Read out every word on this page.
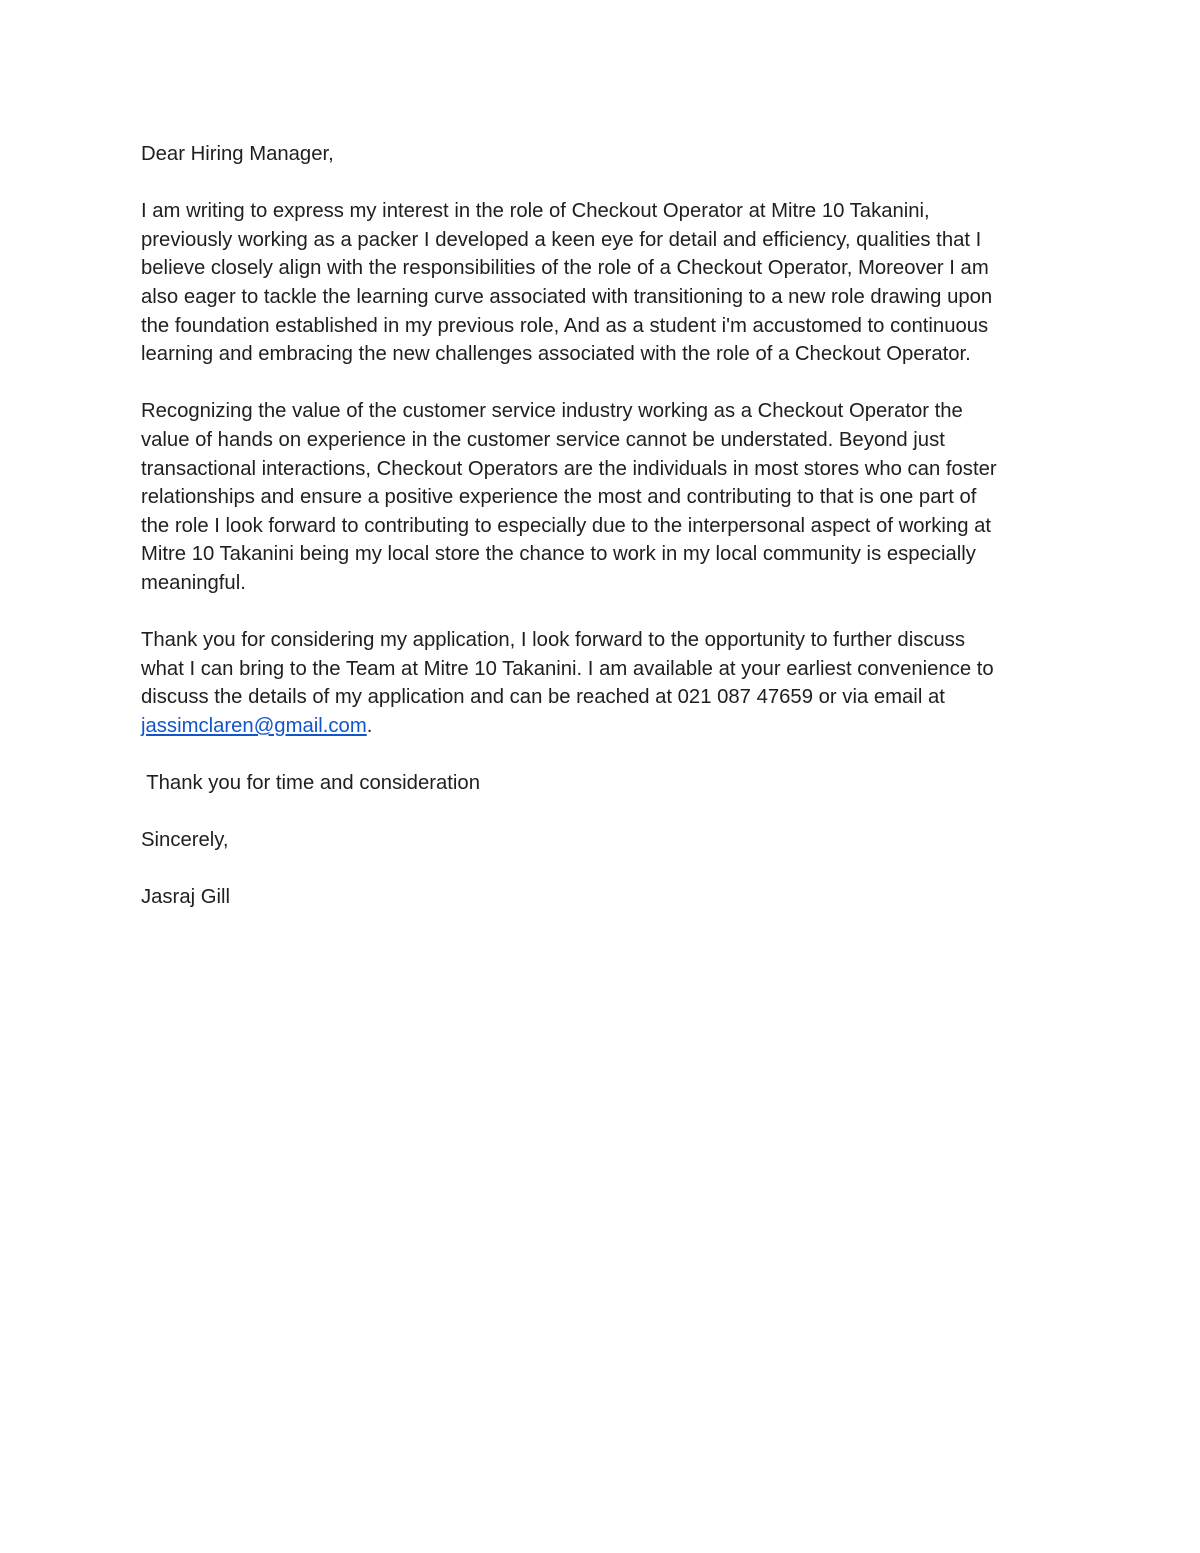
Dear Hiring Manager,
I am writing to express my interest in the role of Checkout Operator at Mitre 10 Takanini,
previously working as a packer I developed a keen eye for detail and efficiency, qualities that I
believe closely align with the responsibilities of the role of a Checkout Operator, Moreover I am
also eager to tackle the learning curve associated with transitioning to a new role drawing upon
the foundation established in my previous role, And as a student i'm accustomed to continuous
learning and embracing the new challenges associated with the role of a Checkout Operator.
Recognizing the value of the customer service industry working as a Checkout Operator the
value of hands on experience in the customer service cannot be understated. Beyond just
transactional interactions, Checkout Operators are the individuals in most stores who can foster
relationships and ensure a positive experience the most and contributing to that is one part of
the role I look forward to contributing to especially due to the interpersonal aspect of working at
Mitre 10 Takanini being my local store the chance to work in my local community is especially
meaningful.
Thank you for considering my application, I look forward to the opportunity to further discuss
what I can bring to the Team at Mitre 10 Takanini. I am available at your earliest convenience to
discuss the details of my application and can be reached at 021 087 47659 or via email at
jassimclaren@gmail.com.
Thank you for time and consideration
Sincerely,
Jasraj Gill
